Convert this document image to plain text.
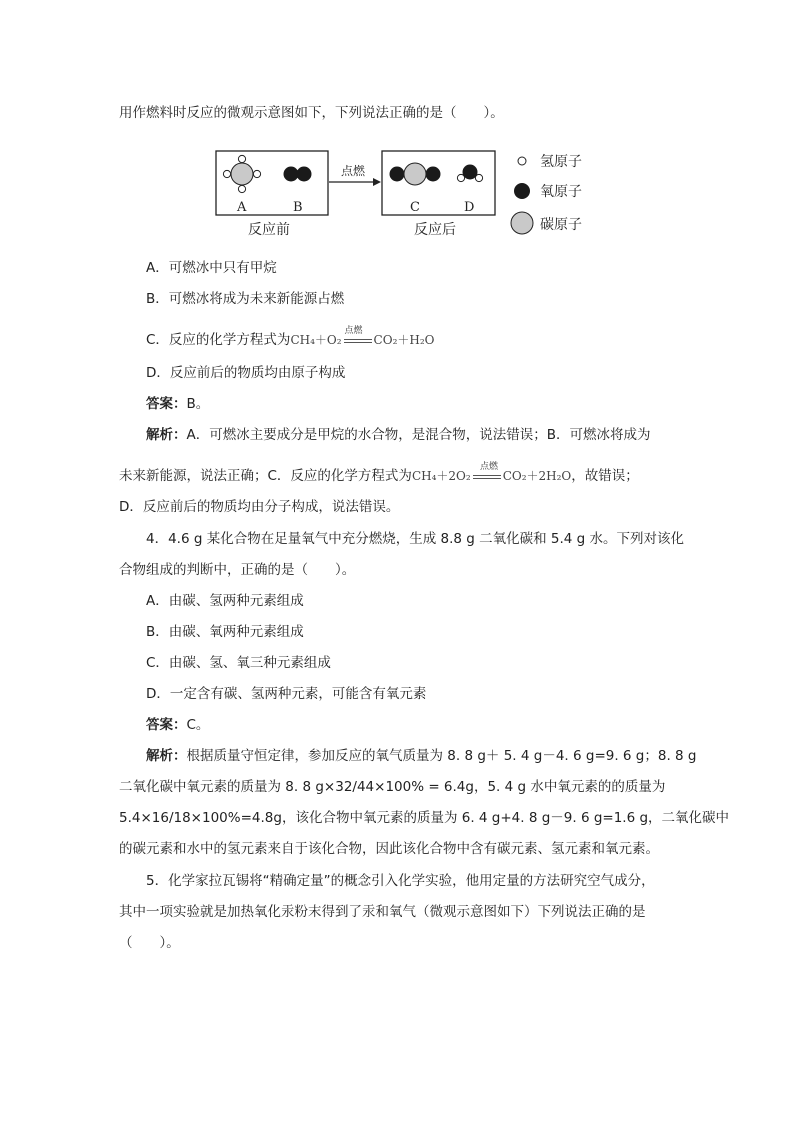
用作燃料时反应的微观示意图如下，下列说法正确的是（　　）。
A	B
反应前
点燃
C	D
反应后
氢原子
氧原子
碳原子
A．可燃冰中只有甲烷
B．可燃冰将成为未来新能源占燃
C．反应的化学方程式为CH₄＋O₂
点燃
CO₂＋H₂O
D．反应前后的物质均由原子构成
答案：B。
解析：A．可燃冰主要成分是甲烷的水合物，是混合物，说法错误；B．可燃冰将成为
未来新能源，说法正确；C．反应的化学方程式为CH₄＋2O₂
点燃
CO₂＋2H₂O，故错误；
D．反应前后的物质均由分子构成，说法错误。
4．4.6 g 某化合物在足量氧气中充分燃烧，生成 8.8 g 二氧化碳和 5.4 g 水。下列对该化
合物组成的判断中，正确的是（　　）。
A．由碳、氢两种元素组成
B．由碳、氧两种元素组成
C．由碳、氢、氧三种元素组成
D．一定含有碳、氢两种元素，可能含有氧元素
答案：C。
解析：根据质量守恒定律，参加反应的氧气质量为 8. 8 g＋ 5. 4 g－4. 6 g=9. 6 g；8. 8 g
二氧化碳中氧元素的质量为 8. 8 g×32/44×100% = 6.4g，5. 4 g 水中氧元素的的质量为
5.4×16/18×100%=4.8g，该化合物中氧元素的质量为 6. 4 g+4. 8 g－9. 6 g=1.6 g，二氧化碳中
的碳元素和水中的氢元素来自于该化合物，因此该化合物中含有碳元素、氢元素和氧元素。
5．化学家拉瓦锡将“精确定量”的概念引入化学实验，他用定量的方法研究空气成分，
其中一项实验就是加热氧化汞粉末得到了汞和氧气（微观示意图如下）下列说法正确的是
（　　）。
